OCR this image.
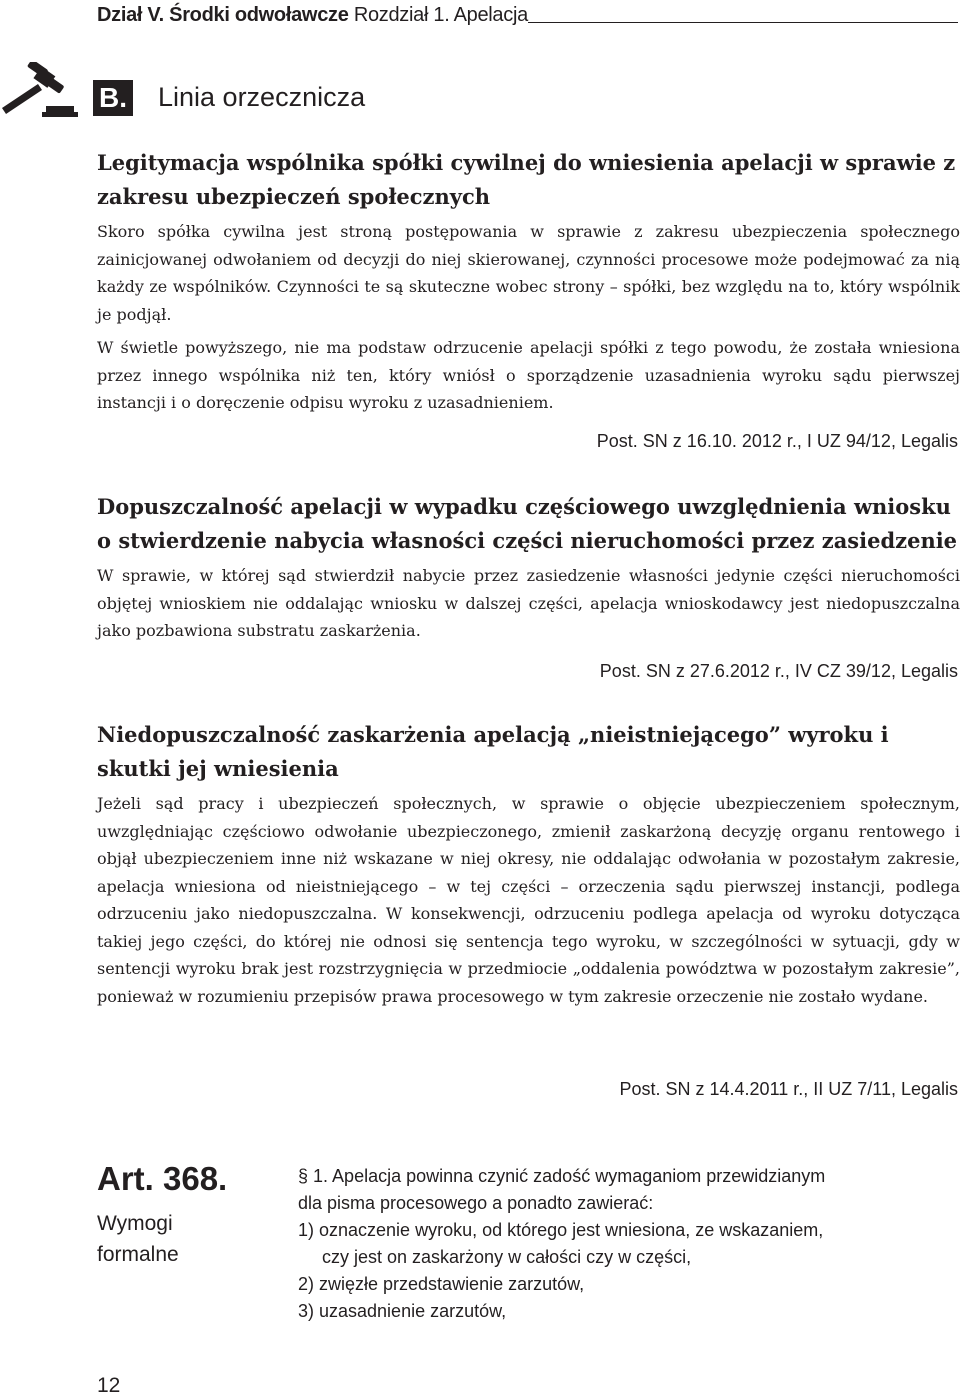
Dział V. Środki odwoławcze Rozdział 1. Apelacja
B. Linia orzecznicza
Legitymacja wspólnika spółki cywilnej do wniesienia apelacji w sprawie z zakresu ubezpieczeń społecznych
Skoro spółka cywilna jest stroną postępowania w sprawie z zakresu ubezpieczenia społecznego zainicjowanej odwołaniem od decyzji do niej skierowanej, czynności procesowe może podejmować za nią każdy ze wspólników. Czynności te są skuteczne wobec strony – spółki, bez względu na to, który wspólnik je podjął.
W świetle powyższego, nie ma podstaw odrzucenie apelacji spółki z tego powodu, że została wniesiona przez innego wspólnika niż ten, który wniósł o sporządzenie uzasadnienia wyroku sądu pierwszej instancji i o doręczenie odpisu wyroku z uzasadnieniem.
Post. SN z 16.10. 2012 r., I UZ 94/12, Legalis
Dopuszczalność apelacji w wypadku częściowego uwzględnienia wniosku o stwierdzenie nabycia własności części nieruchomości przez zasiedzenie
W sprawie, w której sąd stwierdził nabycie przez zasiedzenie własności jedynie części nieruchomości objętej wnioskiem nie oddalając wniosku w dalszej części, apelacja wnioskodawcy jest niedopuszczalna jako pozbawiona substratu zaskarżenia.
Post. SN z 27.6.2012 r., IV CZ 39/12, Legalis
Niedopuszczalność zaskarżenia apelacją „nieistniejącego” wyroku i skutki jej wniesienia
Jeżeli sąd pracy i ubezpieczeń społecznych, w sprawie o objęcie ubezpieczeniem społecznym, uwzględniając częściowo odwołanie ubezpieczonego, zmienił zaskarżoną decyzję organu rentowego i objął ubezpieczeniem inne niż wskazane w niej okresy, nie oddalając odwołania w pozostałym zakresie, apelacja wniesiona od nieistniejącego – w tej części – orzeczenia sądu pierwszej instancji, podlega odrzuceniu jako niedopuszczalna. W konsekwencji, odrzuceniu podlega apelacja od wyroku dotycząca takiej jego części, do której nie odnosi się sentencja tego wyroku, w szczególności w sytuacji, gdy w sentencji wyroku brak jest rozstrzygnięcia w przedmiocie „oddalenia powództwa w pozostałym zakresie”, ponieważ w rozumieniu przepisów prawa procesowego w tym zakresie orzeczenie nie zostało wydane.
Post. SN z 14.4.2011 r., II UZ 7/11, Legalis
Art. 368.
Wymogi formalne
§ 1. Apelacja powinna czynić zadość wymaganiom przewidzianym
dla pisma procesowego a ponadto zawierać:
1) oznaczenie wyroku, od którego jest wniesiona, ze wskazaniem,
czy jest on zaskarżony w całości czy w części,
2) zwięzłe przedstawienie zarzutów,
3) uzasadnienie zarzutów,
12
